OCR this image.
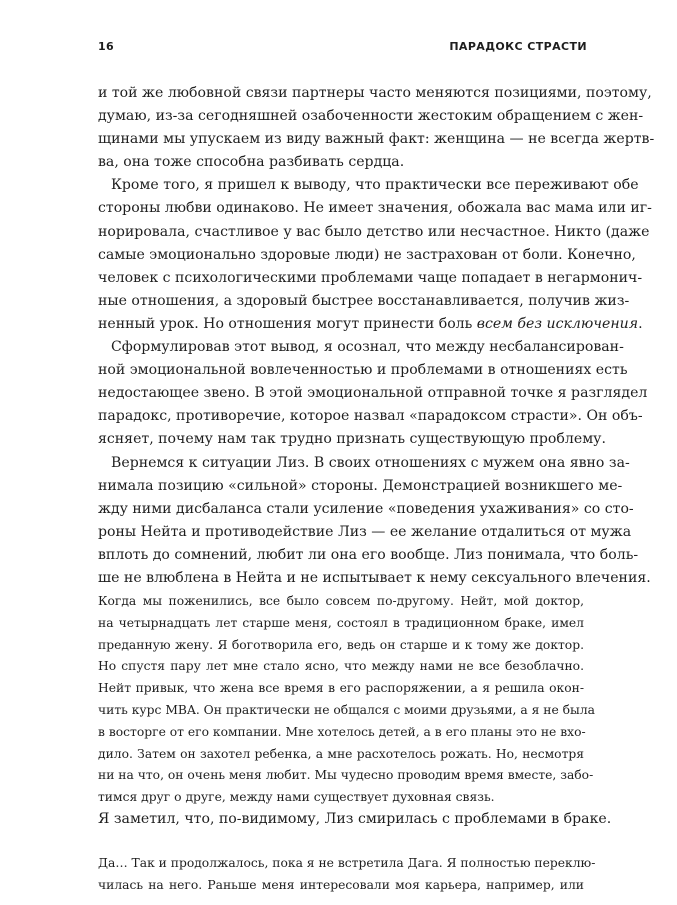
16	ПАРАДОКС СТРАСТИ
и той же любовной связи партнеры часто меняются позициями, поэтому,
думаю, из-за сегодняшней озабоченности жестоким обращением с жен-
щинами мы упускаем из виду важный факт: женщина — не всегда жертв-
ва, она тоже способна разбивать сердца.
Кроме того, я пришел к выводу, что практически все переживают обе
стороны любви одинаково. Не имеет значения, обожала вас мама или иг-
норировала, счастливое у вас было детство или несчастное. Никто (даже
самые эмоционально здоровые люди) не застрахован от боли. Конечно,
человек с психологическими проблемами чаще попадает в негармонич-
ные отношения, а здоровый быстрее восстанавливается, получив жиз-
ненный урок. Но отношения могут принести боль всем без исключения.
Сформулировав этот вывод, я осознал, что между несбалансирован-
ной эмоциональной вовлеченностью и проблемами в отношениях есть
недостающее звено. В этой эмоциональной отправной точке я разглядел
парадокс, противоречие, которое назвал «парадоксом страсти». Он объ-
ясняет, почему нам так трудно признать существующую проблему.
Вернемся к ситуации Лиз. В своих отношениях с мужем она явно за-
нимала позицию «сильной» стороны. Демонстрацией возникшего ме-
жду ними дисбаланса стали усиление «поведения ухаживания» со сто-
роны Нейта и противодействие Лиз — ее желание отдалиться от мужа
вплоть до сомнений, любит ли она его вообще. Лиз понимала, что боль-
ше не влюблена в Нейта и не испытывает к нему сексуального влечения.
Когда мы поженились, все было совсем по-другому. Нейт, мой доктор,
на четырнадцать лет старше меня, состоял в традиционном браке, имел
преданную жену. Я боготворила его, ведь он старше и к тому же доктор.
Но спустя пару лет мне стало ясно, что между нами не все безоблачно.
Нейт привык, что жена все время в его распоряжении, а я решила окон-
чить курс MBA. Он практически не общался с моими друзьями, а я не была
в восторге от его компании. Мне хотелось детей, а в его планы это не вхо-
дило. Затем он захотел ребенка, а мне расхотелось рожать. Но, несмотря
ни на что, он очень меня любит. Мы чудесно проводим время вместе, забо-
тимся друг о друге, между нами существует духовная связь.
Я заметил, что, по-видимому, Лиз смирилась с проблемами в браке.
Да… Так и продолжалось, пока я не встретила Дага. Я полностью переклю-
чилась на него. Раньше меня интересовали моя карьера, например, или
